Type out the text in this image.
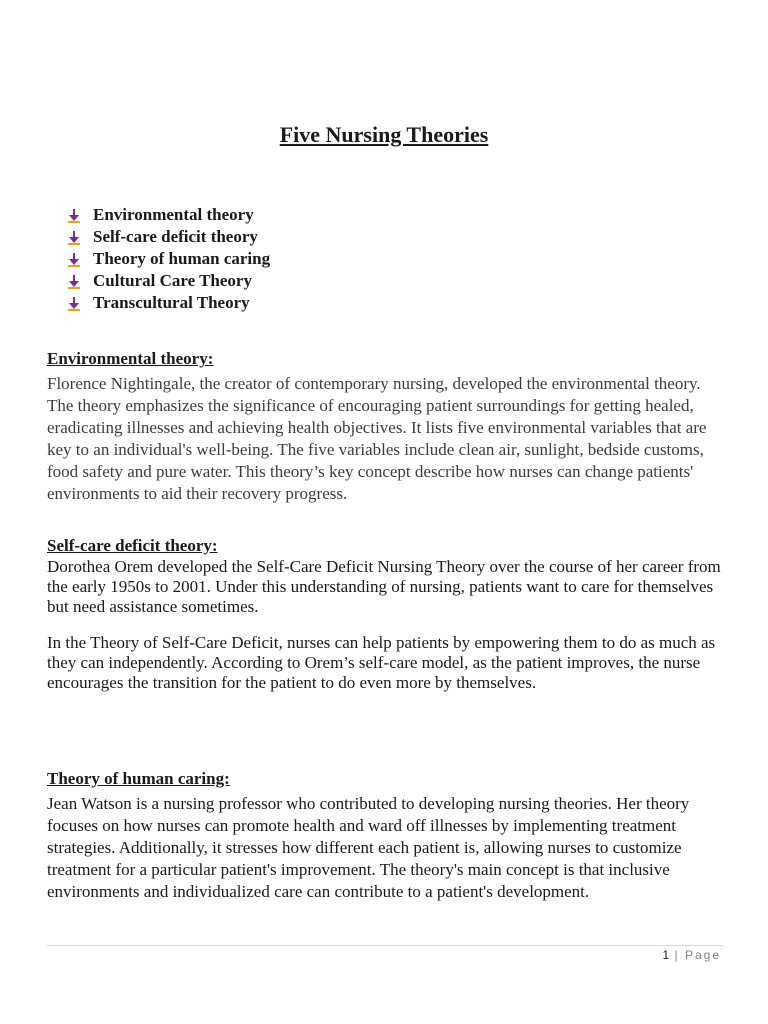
Five Nursing Theories
Environmental theory
Self-care deficit theory
Theory of human caring
Cultural Care Theory
Transcultural Theory
Environmental theory:

Florence Nightingale, the creator of contemporary nursing, developed the environmental theory. The theory emphasizes the significance of encouraging patient surroundings for getting healed, eradicating illnesses and achieving health objectives. It lists five environmental variables that are key to an individual's well-being. The five variables include clean air, sunlight, bedside customs, food safety and pure water. This theory’s key concept describe how nurses can change patients' environments to aid their recovery progress.

Self-care deficit theory:

Dorothea Orem developed the Self-Care Deficit Nursing Theory over the course of her career from the early 1950s to 2001. Under this understanding of nursing, patients want to care for themselves but need assistance sometimes.

In the Theory of Self-Care Deficit, nurses can help patients by empowering them to do as much as they can independently. According to Orem’s self-care model, as the patient improves, the nurse encourages the transition for the patient to do even more by themselves.

Theory of human caring:

Jean Watson is a nursing professor who contributed to developing nursing theories. Her theory focuses on how nurses can promote health and ward off illnesses by implementing treatment strategies. Additionally, it stresses how different each patient is, allowing nurses to customize treatment for a particular patient's improvement. The theory's main concept is that inclusive environments and individualized care can contribute to a patient's development.

1 | Page
